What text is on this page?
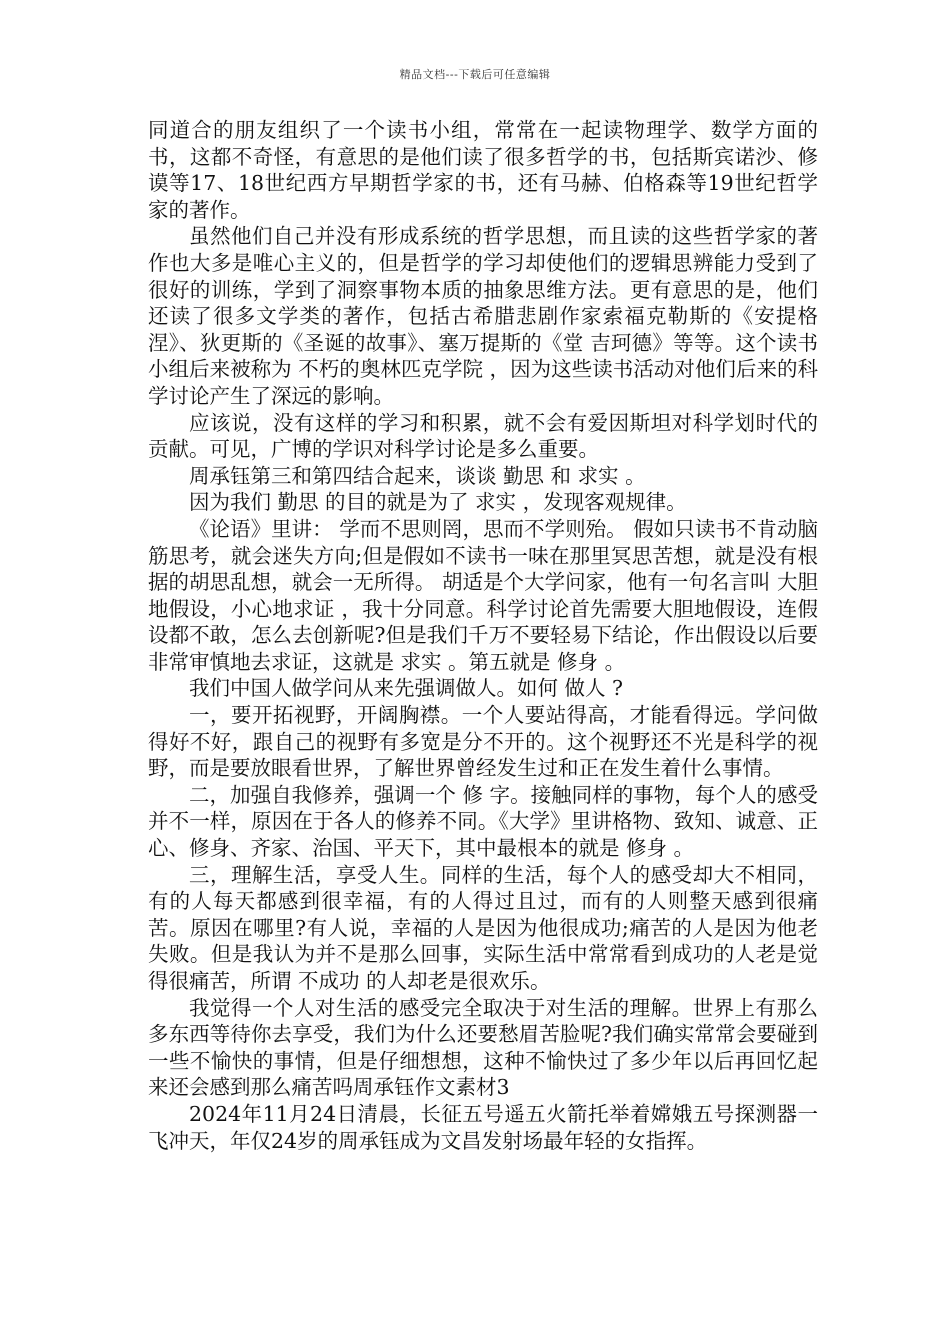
精品文档---下载后可任意编辑

同道合的朋友组织了一个读书小组，常常在一起读物理学、数学方面的书，这都不奇怪，有意思的是他们读了很多哲学的书，包括斯宾诺沙、修谟等17、18世纪西方早期哲学家的书，还有马赫、伯格森等19世纪哲学家的著作。

虽然他们自己并没有形成系统的哲学思想，而且读的这些哲学家的著作也大多是唯心主义的，但是哲学的学习却使他们的逻辑思辨能力受到了很好的训练，学到了洞察事物本质的抽象思维方法。更有意思的是，他们还读了很多文学类的著作，包括古希腊悲剧作家索福克勒斯的《安提格涅》、狄更斯的《圣诞的故事》、塞万提斯的《堂 吉珂德》等等。这个读书小组后来被称为 不朽的奥林匹克学院 ，因为这些读书活动对他们后来的科学讨论产生了深远的影响。

应该说，没有这样的学习和积累，就不会有爱因斯坦对科学划时代的贡献。可见，广博的学识对科学讨论是多么重要。

周承钰第三和第四结合起来，谈谈 勤思 和 求实 。

因为我们 勤思 的目的就是为了 求实 ，发现客观规律。

《论语》里讲： 学而不思则罔，思而不学则殆。 假如只读书不肯动脑筋思考，就会迷失方向;但是假如不读书一味在那里冥思苦想，就是没有根据的胡思乱想，就会一无所得。 胡适是个大学问家，他有一句名言叫 大胆地假设，小心地求证 ，我十分同意。科学讨论首先需要大胆地假设，连假设都不敢，怎么去创新呢?但是我们千万不要轻易下结论，作出假设以后要非常审慎地去求证，这就是 求实 。第五就是 修身 。

我们中国人做学问从来先强调做人。如何 做人 ?

一，要开拓视野，开阔胸襟。一个人要站得高，才能看得远。学问做得好不好，跟自己的视野有多宽是分不开的。这个视野还不光是科学的视野，而是要放眼看世界，了解世界曾经发生过和正在发生着什么事情。

二，加强自我修养，强调一个 修 字。接触同样的事物，每个人的感受并不一样，原因在于各人的修养不同。《大学》里讲格物、致知、诚意、正心、修身、齐家、治国、平天下，其中最根本的就是 修身 。

三，理解生活，享受人生。同样的生活，每个人的感受却大不相同，有的人每天都感到很幸福，有的人得过且过，而有的人则整天感到很痛苦。原因在哪里?有人说，幸福的人是因为他很成功;痛苦的人是因为他老失败。但是我认为并不是那么回事，实际生活中常常看到成功的人老是觉得很痛苦，所谓 不成功 的人却老是很欢乐。

我觉得一个人对生活的感受完全取决于对生活的理解。世界上有那么多东西等待你去享受，我们为什么还要愁眉苦脸呢?我们确实常常会要碰到一些不愉快的事情，但是仔细想想，这种不愉快过了多少年以后再回忆起来还会感到那么痛苦吗周承钰作文素材3

2024年11月24日清晨，长征五号遥五火箭托举着嫦娥五号探测器一飞冲天，年仅24岁的周承钰成为文昌发射场最年轻的女指挥。
